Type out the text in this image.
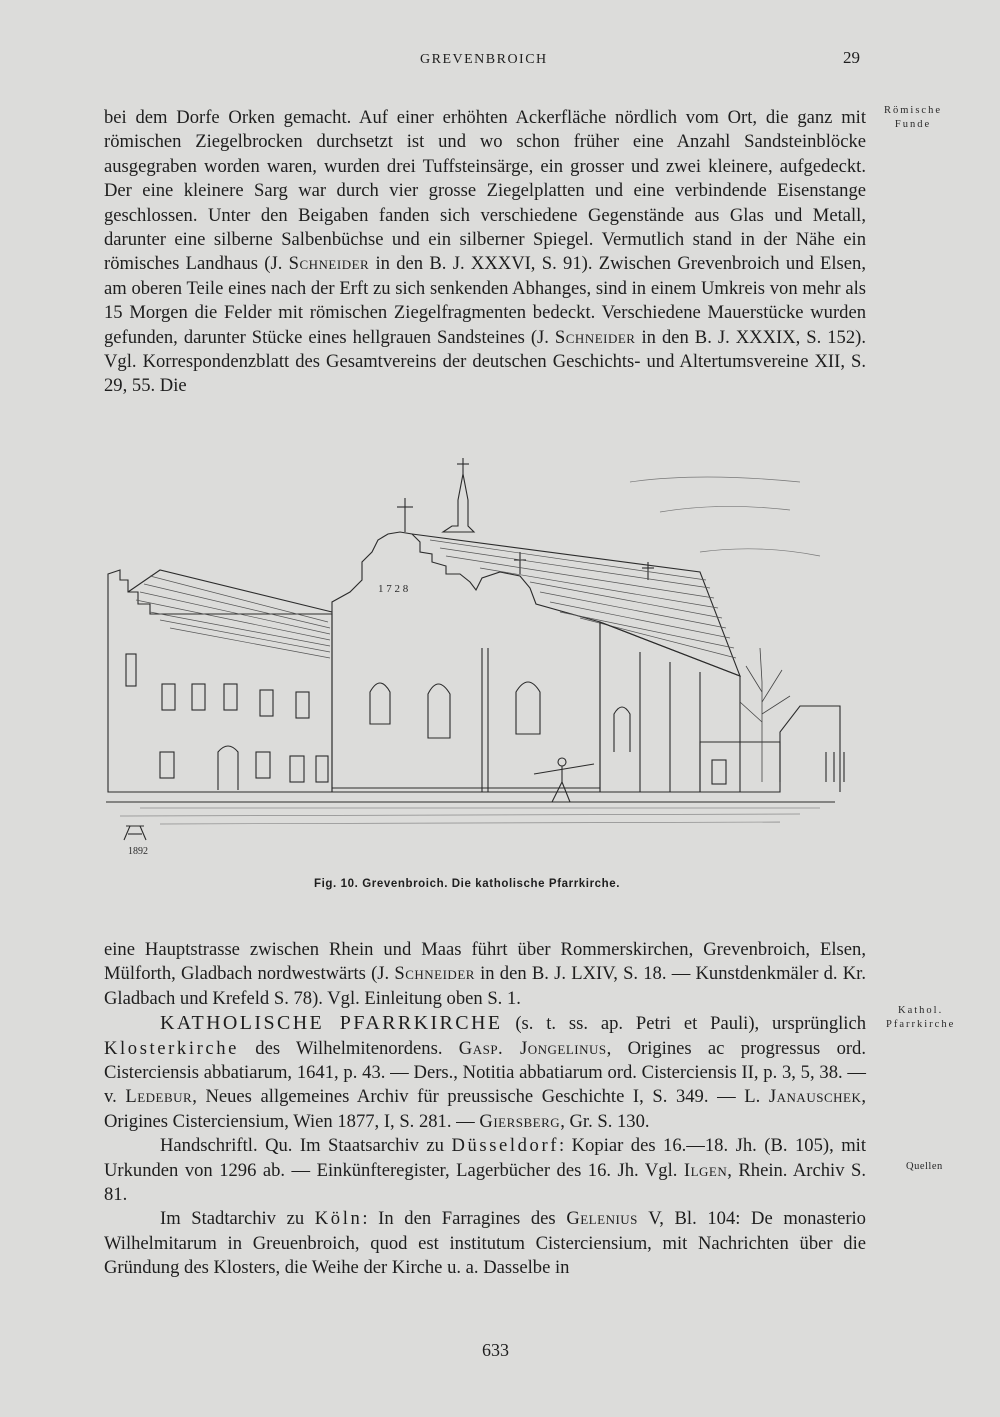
GREVENBROICH	29
Römische
Funde

bei dem Dorfe Orken gemacht. Auf einer erhöhten Ackerfläche nördlich vom Ort, die ganz mit römischen Ziegelbrocken durchsetzt ist und wo schon früher eine Anzahl Sandsteinblöcke ausgegraben worden waren, wurden drei Tuffsteinsärge, ein grosser und zwei kleinere, aufgedeckt. Der eine kleinere Sarg war durch vier grosse Ziegelplatten und eine verbindende Eisenstange geschlossen. Unter den Beigaben fanden sich verschiedene Gegenstände aus Glas und Metall, darunter eine silberne Salbenbüchse und ein silberner Spiegel. Vermutlich stand in der Nähe ein römisches Landhaus (J. Schneider in den B. J. XXXVI, S. 91). Zwischen Grevenbroich und Elsen, am oberen Teile eines nach der Erft zu sich senkenden Abhanges, sind in einem Umkreis von mehr als 15 Morgen die Felder mit römischen Ziegelfragmenten bedeckt. Verschiedene Mauerstücke wurden gefunden, darunter Stücke eines hellgrauen Sandsteines (J. Schneider in den B. J. XXXIX, S. 152). Vgl. Korrespondenzblatt des Gesamtvereins der deutschen Geschichts- und Altertumsvereine XII, S. 29, 55. Die

1 7 2 8
1892
Fig. 10. Grevenbroich. Die katholische Pfarrkirche.
Kathol.
Pfarrkirche
Quellen

eine Hauptstrasse zwischen Rhein und Maas führt über Rommerskirchen, Grevenbroich, Elsen, Mülforth, Gladbach nordwestwärts (J. Schneider in den B. J. LXIV, S. 18. — Kunstdenkmäler d. Kr. Gladbach und Krefeld S. 78). Vgl. Einleitung oben S. 1.

KATHOLISCHE PFARRKIRCHE (s. t. ss. ap. Petri et Pauli), ursprünglich Klosterkirche des Wilhelmitenordens. Gasp. Jongelinus, Origines ac progressus ord. Cisterciensis abbatiarum, 1641, p. 43. — Ders., Notitia abbatiarum ord. Cisterciensis II, p. 3, 5, 38. — v. Ledebur, Neues allgemeines Archiv für preussische Geschichte I, S. 349. — L. Janauschek, Origines Cisterciensium, Wien 1877, I, S. 281. — Giersberg, Gr. S. 130.

Handschriftl. Qu. Im Staatsarchiv zu Düsseldorf: Kopiar des 16.—18. Jh. (B. 105), mit Urkunden von 1296 ab. — Einkünfteregister, Lagerbücher des 16. Jh. Vgl. Ilgen, Rhein. Archiv S. 81.

Im Stadtarchiv zu Köln: In den Farragines des Gelenius V, Bl. 104: De monasterio Wilhelmitarum in Greuenbroich, quod est institutum Cisterciensium, mit Nachrichten über die Gründung des Klosters, die Weihe der Kirche u. a. Dasselbe in

633
